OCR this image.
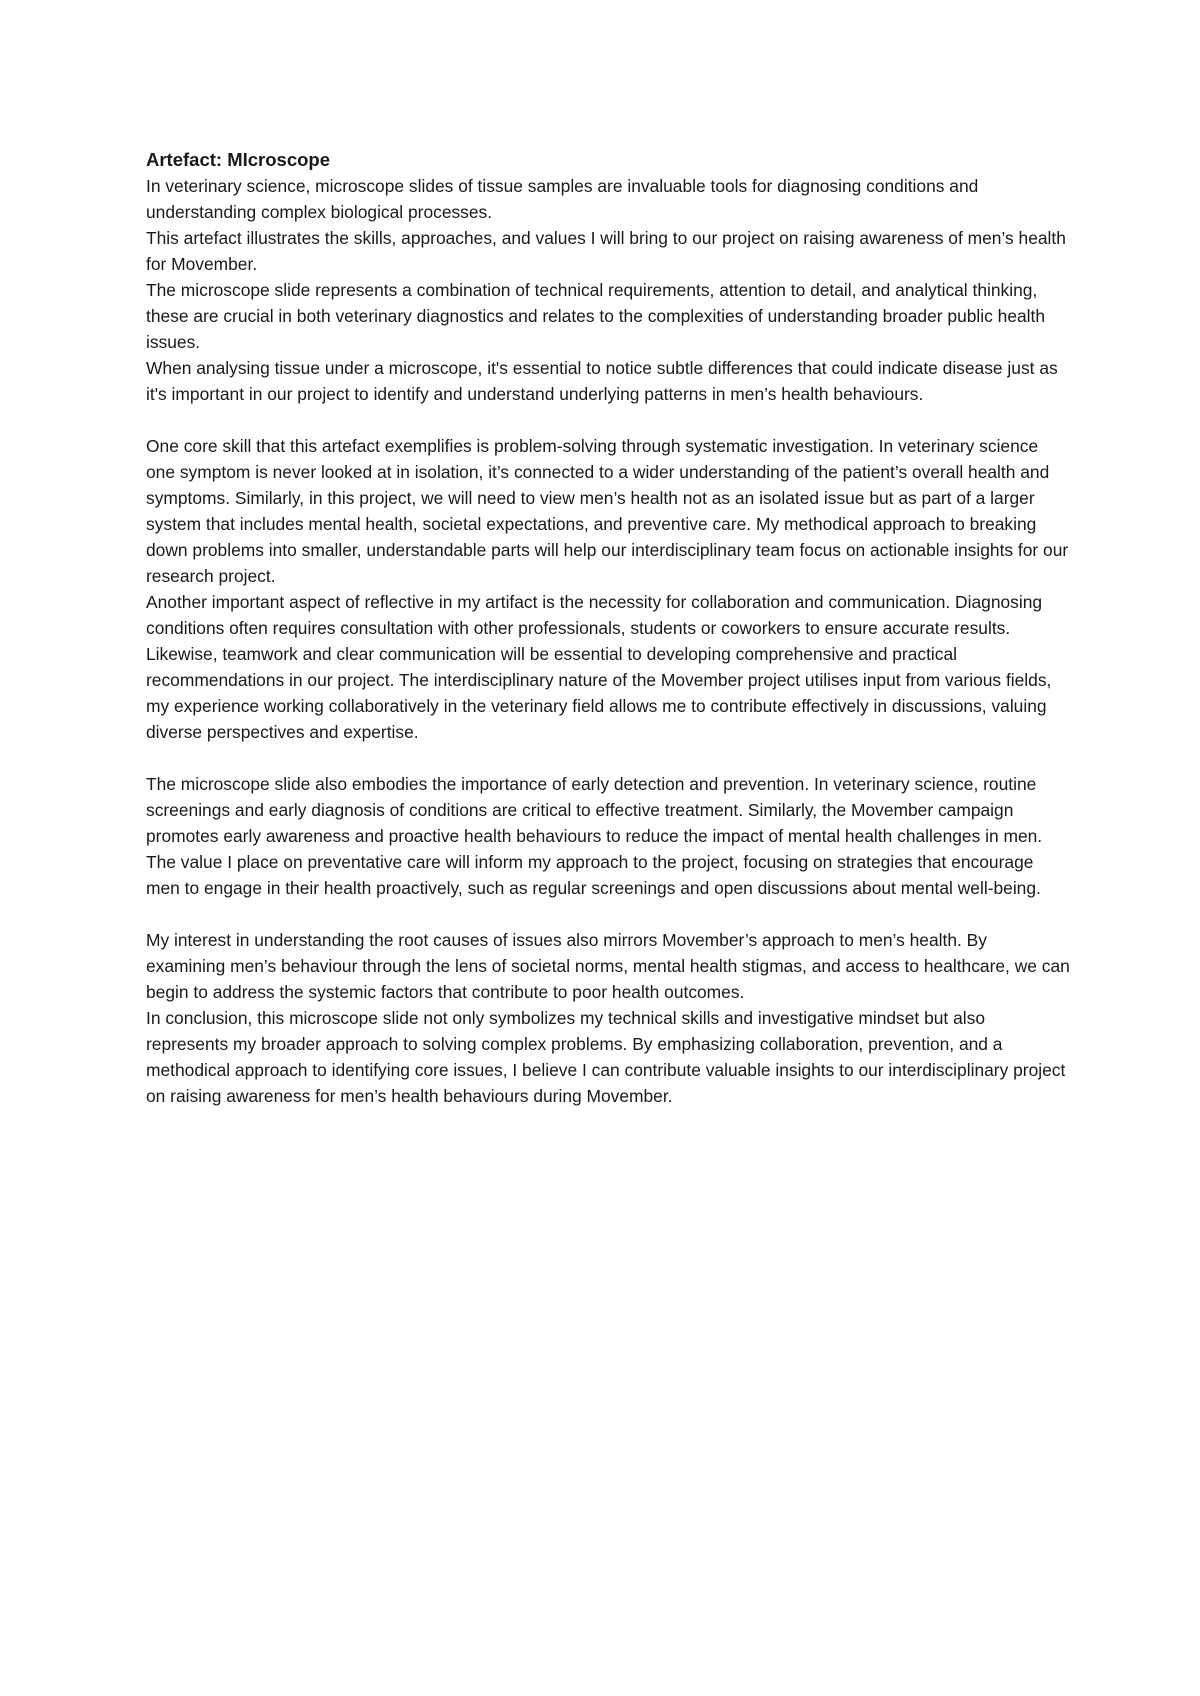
Artefact: MIcroscope

In veterinary science, microscope slides of tissue samples are invaluable tools for diagnosing conditions and understanding complex biological processes.

This artefact illustrates the skills, approaches, and values I will bring to our project on raising awareness of men’s health for Movember.

The microscope slide represents a combination of technical requirements, attention to detail, and analytical thinking, these are crucial in both veterinary diagnostics and relates to the complexities of understanding broader public health issues.

When analysing tissue under a microscope, it's essential to notice subtle differences that could indicate disease just as it's important in our project to identify and understand underlying patterns in men’s health behaviours.

One core skill that this artefact exemplifies is problem-solving through systematic investigation. In veterinary science one symptom is never looked at in isolation, it’s connected to a wider understanding of the patient’s overall health and symptoms. Similarly, in this project, we will need to view men’s health not as an isolated issue but as part of a larger system that includes mental health, societal expectations, and preventive care. My methodical approach to breaking down problems into smaller, understandable parts will help our interdisciplinary team focus on actionable insights for our research project.

Another important aspect of reflective in my artifact is the necessity for collaboration and communication. Diagnosing conditions often requires consultation with other professionals, students or coworkers to ensure accurate results. Likewise, teamwork and clear communication will be essential to developing comprehensive and practical recommendations in our project. The interdisciplinary nature of the Movember project utilises input from various fields, my experience working collaboratively in the veterinary field allows me to contribute effectively in discussions, valuing diverse perspectives and expertise.

The microscope slide also embodies the importance of early detection and prevention. In veterinary science, routine screenings and early diagnosis of conditions are critical to effective treatment. Similarly, the Movember campaign promotes early awareness and proactive health behaviours to reduce the impact of mental health challenges in men. The value I place on preventative care will inform my approach to the project, focusing on strategies that encourage men to engage in their health proactively, such as regular screenings and open discussions about mental well-being.

My interest in understanding the root causes of issues also mirrors Movember’s approach to men’s health. By examining men’s behaviour through the lens of societal norms, mental health stigmas, and access to healthcare, we can begin to address the systemic factors that contribute to poor health outcomes.

In conclusion, this microscope slide not only symbolizes my technical skills and investigative mindset but also represents my broader approach to solving complex problems. By emphasizing collaboration, prevention, and a methodical approach to identifying core issues, I believe I can contribute valuable insights to our interdisciplinary project on raising awareness for men’s health behaviours during Movember.
